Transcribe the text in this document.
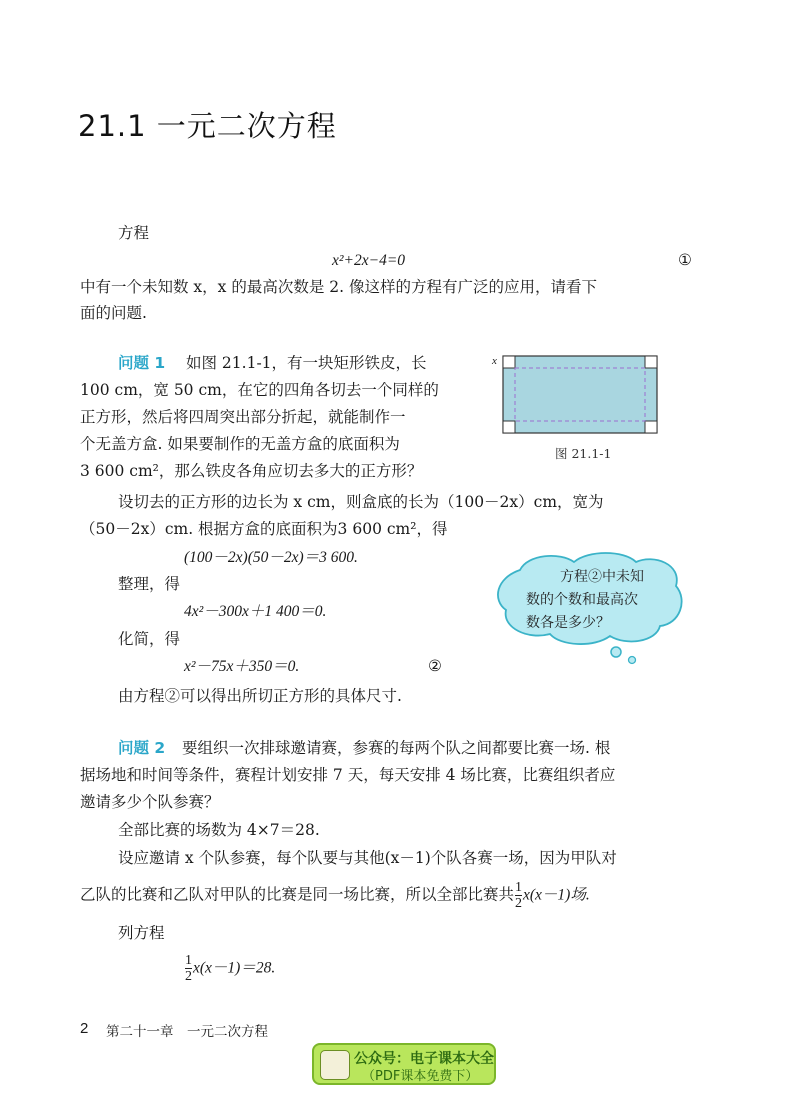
21.1 一元二次方程
方程
x²+2x−4=0	①
中有一个未知数 x，x 的最高次数是 2. 像这样的方程有广泛的应用，请看下
面的问题.
问题 1 如图 21.1-1，有一块矩形铁皮，长
100 cm，宽 50 cm，在它的四角各切去一个同样的
正方形，然后将四周突出部分折起，就能制作一
个无盖方盒. 如果要制作的无盖方盒的底面积为
3 600 cm²，那么铁皮各角应切去多大的正方形？
x
图 21.1-1
设切去的正方形的边长为 x cm，则盒底的长为（100－2x）cm，宽为
（50－2x）cm. 根据方盒的底面积为3 600 cm²，得
(100－2x)(50－2x)＝3 600.
整理，得
4x²－300x＋1 400＝0.
化简，得
x²－75x＋350＝0.	②
由方程②可以得出所切正方形的具体尺寸.
方程②中未知
数的个数和最高次
数各是多少？
问题 2 要组织一次排球邀请赛，参赛的每两个队之间都要比赛一场. 根
据场地和时间等条件，赛程计划安排 7 天，每天安排 4 场比赛，比赛组织者应
邀请多少个队参赛？
全部比赛的场数为 4×7＝28.
设应邀请 x 个队参赛，每个队要与其他(x－1)个队各赛一场，因为甲队对
乙队的比赛和乙队对甲队的比赛是同一场比赛，所以全部比赛共 $\frac{1}{2} x(x-1)$场.
列方程
$\frac{1}{2} x(x-1)=28$.
2 第二十一章　一元二次方程
公众号：电子课本大全
（PDF课本免费下）
